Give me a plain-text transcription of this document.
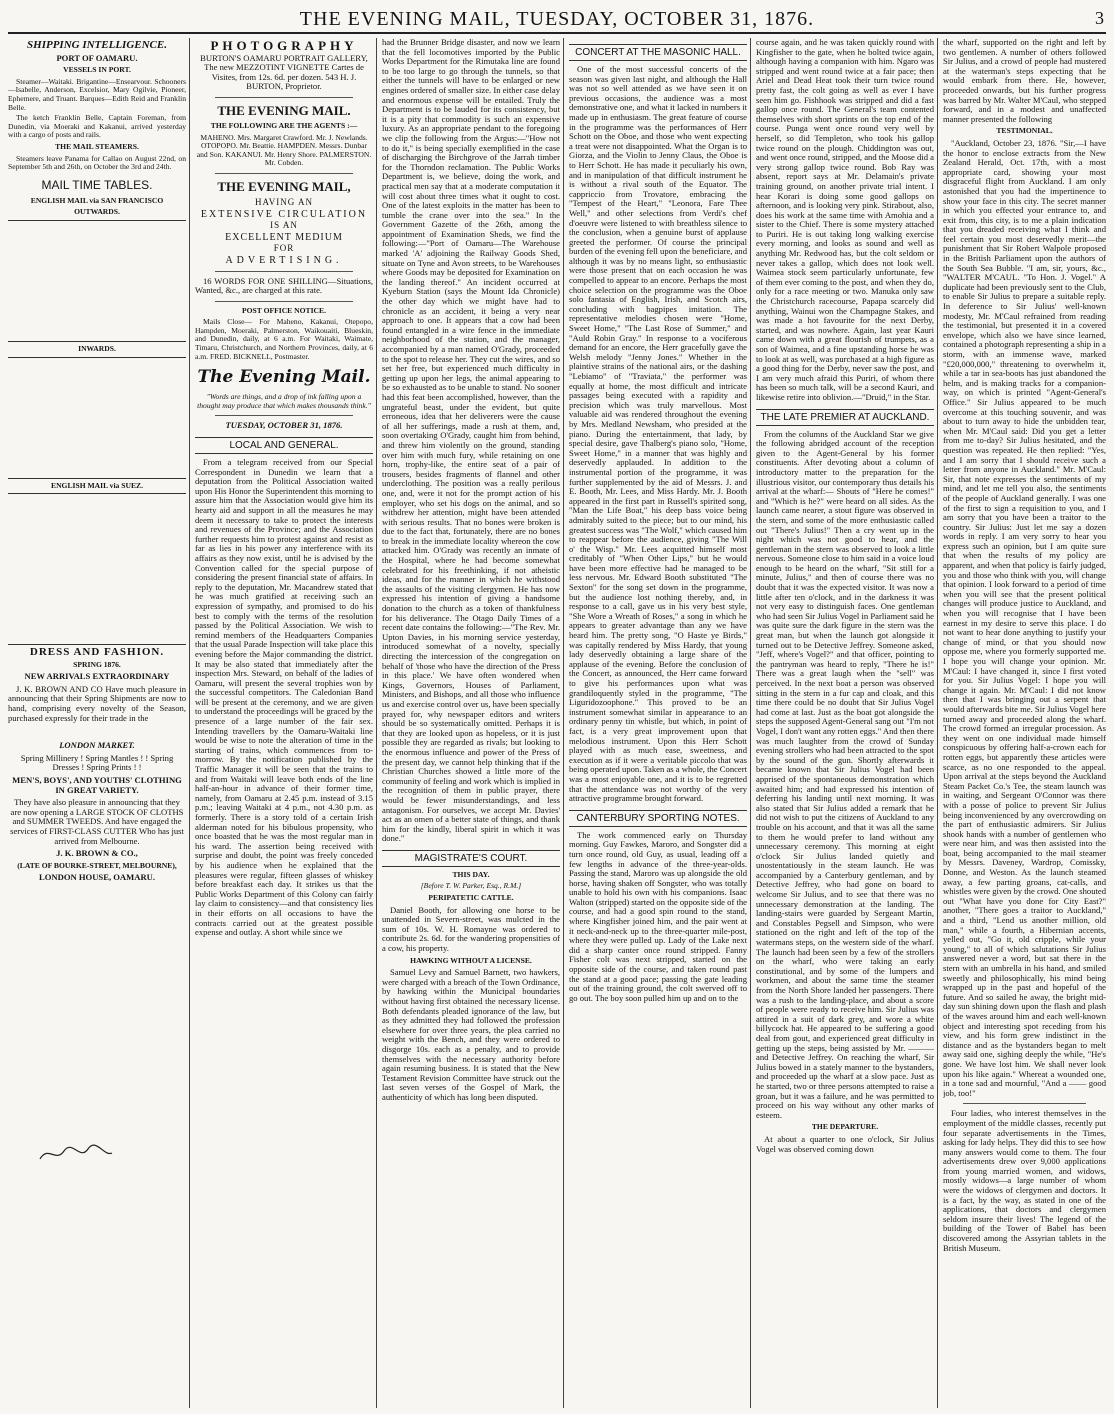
THE EVENING MAIL, TUESDAY, OCTOBER 31, 1876.	3
SHIPPING INTELLIGENCE.
PORT OF OAMARU.
VESSELS IN PORT.

Steamer—Waitaki. Brigantine—Ensearvour. Schooners—Isabelle, Anderson, Excelsior, Mary Ogilvie, Pioneer, Ephemere, and Truant. Barques—Edith Reid and Franklin Belle.

The ketch Franklin Belle, Captain Foreman, from Dunedin, via Moeraki and Kakanui, arrived yesterday with a cargo of posts and rails.

THE MAIL STEAMERS.

Steamers leave Panama for Callao on August 22nd, on September 5th and 26th, on October the 3rd and 24th.

MAIL TIME TABLES.
ENGLISH MAIL via SAN FRANCISCO
OUTWARDS.
INWARDS.
ENGLISH MAIL via SUEZ.
DRESS AND FASHION.
SPRING 1876.
NEW ARRIVALS EXTRAORDINARY

J. K. BROWN AND CO Have much pleasure in announcing that their Spring Shipments are now to hand, comprising every novelty of the Season, purchased expressly for their trade in the

LONDON MARKET.

Spring Millinery ! Spring Mantles ! ! Spring Dresses ! Spring Prints ! !

MEN'S, BOYS', AND YOUTHS' CLOTHING IN GREAT VARIETY.

They have also pleasure in announcing that they are now opening a LARGE STOCK OF CLOTHS and SUMMER TWEEDS. And have engaged the services of FIRST-CLASS CUTTER Who has just arrived from Melbourne.

J. K. BROWN & CO.,
(LATE OF BOURKE-STREET, MELBOURNE),
LONDON HOUSE, OAMARU.
PHOTOGRAPHY

BURTON'S OAMARU PORTRAIT GALLERY, The new MEZZOTINT VIGNETTE Cartes de Visites, from 12s. 6d. per dozen. 543 H. J. BURTON, Proprietor.

THE EVENING MAIL.
THE FOLLOWING ARE THE AGENTS :—

MAHENO. Mrs. Margaret Crawford. Mr. J. Newlands. OTOPOPO. Mr. Beattie. HAMPDEN. Messrs. Dunbar and Son. KAKANUI. Mr. Henry Shore. PALMERSTON. Mr. Cobden.

THE EVENING MAIL,
HAVING AN
EXTENSIVE CIRCULATION
IS AN
EXCELLENT MEDIUM
FOR
ADVERTISING.

16 WORDS FOR ONE SHILLING—Situations, Wanted, &c., are charged at this rate.

POST OFFICE NOTICE.

Mails Close— For Maheno, Kakanui, Otepopo, Hampden, Moeraki, Palmerston, Waikouaiti, Blueskin, and Dunedin, daily, at 6 a.m. For Waitaki, Waimate, Timaru, Christchurch, and Northern Provinces, daily, at 6 a.m. FRED. BICKNELL, Postmaster.

The Evening Mail.

"Words are things, and a drop of ink falling upon a thought may produce that which makes thousands think."

TUESDAY, OCTOBER 31, 1876.
LOCAL AND GENERAL.

From a telegram received from our Special Correspondent in Dunedin we learn that a deputation from the Political Association waited upon His Honor the Superintendent this morning to assure him that the Association would give him its hearty aid and support in all the measures he may deem it necessary to take to protect the interests and revenues of the Province; and the Association further requests him to protest against and resist as far as lies in his power any interference with its affairs as they now exist, until he is advised by the Convention called for the special purpose of considering the present financial state of affairs. In reply to the deputation, Mr. Macandrew stated that he was much gratified at receiving such an expression of sympathy, and promised to do his best to comply with the terms of the resolution passed by the Political Association. We wish to remind members of the Headquarters Companies that the usual Parade Inspection will take place this evening before the Major commanding the district. It may be also stated that immediately after the inspection Mrs. Steward, on behalf of the ladies of Oamaru, will present the several trophies won by the successful competitors. The Caledonian Band will be present at the ceremony, and we are given to understand the proceedings will be graced by the presence of a large number of the fair sex. Intending travellers by the Oamaru-Waitaki line would be wise to note the alteration of time in the starting of trains, which commences from to-morrow. By the notification published by the Traffic Manager it will be seen that the trains to and from Waitaki will leave both ends of the line half-an-hour in advance of their former time, namely, from Oamaru at 2.45 p.m. instead of 3.15 p.m.; leaving Waitaki at 4 p.m., not 4.30 p.m. as formerly. There is a story told of a certain Irish alderman noted for his bibulous propensity, who once boasted that he was the most regular man in his ward. The assertion being received with surprise and doubt, the point was freely conceded by his audience when he explained that the pleasures were regular, fifteen glasses of whiskey before breakfast each day. It strikes us that the Public Works Department of this Colony can fairly lay claim to consistency—and that consistency lies in their efforts on all occasions to have the contracts carried out at the greatest possible expense and outlay. A short while since we

had the Brunner Bridge disaster, and now we learn that the fell locomotives imported by the Public Works Department for the Rimutaka line are found to be too large to go through the tunnels, so that either the tunnels will have to be enlarged or new engines ordered of smaller size. In either case delay and enormous expense will be entailed. Truly the Department is to be lauded for its consistency, but it is a pity that commodity is such an expensive luxury. As an appropriate pendant to the foregoing we clip the following from the Argus:—"How not to do it," is being specially exemplified in the case of discharging the Birchgrove of the Jarrah timber for the Thorndon reclamation. The Public Works Department is, we believe, doing the work, and practical men say that at a moderate computation it will cost about three times what it ought to cost. One of the latest exploits in the matter has been to tumble the crane over into the sea." In the Government Gazette of the 26th, among the appointment of Examination Sheds, we find the following:—"Port of Oamaru—The Warehouse marked 'A' adjoining the Railway Goods Shed, situate on Tyne and Avon streets, to be Warehouses where Goods may be deposited for Examination on the landing thereof." An incident occurred at Kyeburn Station (says the Mount Ida Chronicle) the other day which we might have had to chronicle as an accident, it being a very near approach to one. It appears that a cow had been found entangled in a wire fence in the immediate neighborhood of the station, and the manager, accompanied by a man named O'Grady, proceeded to the spot to release her. They cut the wires, and so set her free, but experienced much difficulty in getting up upon her legs, the animal appearing to be so exhausted as to be unable to stand. No sooner had this feat been accomplished, however, than the ungrateful beast, under the evident, but quite erroneous, idea that her deliverers were the cause of all her sufferings, made a rush at them, and, soon overtaking O'Grady, caught him from behind, and threw him violently on the ground, standing over him with much fury, while retaining on one horn, trophy-like, the entire seat of a pair of trousers, besides fragments of flannel and other underclothing. The position was a really perilous one, and, were it not for the prompt action of his employer, who set his dogs on the animal, and so withdrew her attention, might have been attended with serious results. That no bones were broken is due to the fact that, fortunately, there are no bones to break in the immediate locality whereon the cow attacked him. O'Grady was recently an inmate of the Hospital, where he had become somewhat celebrated for his freethinking, if not atheistic ideas, and for the manner in which he withstood the assaults of the visiting clergymen. He has now expressed his intention of giving a handsome donation to the church as a token of thankfulness for his deliverance. The Otago Daily Times of a recent date contains the following:—"The Rev. Mr. Upton Davies, in his morning service yesterday, introduced somewhat of a novelty, specially directing the intercession of the congregation on behalf of 'those who have the direction of the Press in this place.' We have often wondered when Kings, Governors, Houses of Parliament, Ministers, and Bishops, and all those who influence us and exercise control over us, have been specially prayed for, why newspaper editors and writers should be so systematically omitted. Perhaps it is that they are looked upon as hopeless, or it is just possible they are regarded as rivals; but looking to the enormous influence and power of the Press of the present day, we cannot help thinking that if the Christian Churches showed a little more of the community of feeling and work which is implied in the recognition of them in public prayer, there would be fewer misunderstandings, and less antagonism. For ourselves, we accept Mr. Davies' act as an omen of a better state of things, and thank him for the kindly, liberal spirit in which it was done."

MAGISTRATE'S COURT.
THIS DAY.
[Before T. W. Parker, Esq., R.M.]
PERIPATETIC CATTLE.

Daniel Booth, for allowing one horse to be unattended in Severn-street, was mulcted in the sum of 10s. W. H. Romayne was ordered to contribute 2s. 6d. for the wandering propensities of a cow, his property.

HAWKING WITHOUT A LICENSE.

Samuel Levy and Samuel Barnett, two hawkers, were charged with a breach of the Town Ordinance, by hawking within the Municipal boundaries without having first obtained the necessary license. Both defendants pleaded ignorance of the law, but as they admitted they had followed the profession elsewhere for over three years, the plea carried no weight with the Bench, and they were ordered to disgorge 10s. each as a penalty, and to provide themselves with the necessary authority before again resuming business. It is stated that the New Testament Revision Committee have struck out the last seven verses of the Gospel of Mark, the authenticity of which has long been disputed.

CONCERT AT THE MASONIC HALL.

One of the most successful concerts of the season was given last night, and although the Hall was not so well attended as we have seen it on previous occasions, the audience was a most demonstrative one, and what it lacked in numbers it made up in enthusiasm. The great feature of course in the programme was the performances of Herr Schott on the Oboe, and those who went expecting a treat were not disappointed. What the Organ is to Giorza, and the Violin to Jenny Claus, the Oboe is to Herr Schott. He has made it peculiarly his own, and in manipulation of that difficult instrument he is without a rival south of the Equator. The cappriccio from Trovatore, embracing the "Tempest of the Heart," "Leonora, Fare Thee Well," and other selections from Verdi's chef d'oeuvre were listened to with breathless silence to the conclusion, when a genuine burst of applause greeted the performer. Of course the principal burden of the evening fell upon the beneficiare, and although it was by no means light, so enthusiastic were those present that on each occasion he was compelled to appear to an encore. Perhaps the most choice selection on the programme was the Oboe solo fantasia of English, Irish, and Scotch airs, concluding with bagpipes imitation. The representative melodies chosen were "Home, Sweet Home," "The Last Rose of Summer," and "Auld Robin Gray." In response to a vociferous demand for an encore, the Herr gracefully gave the Welsh melody "Jenny Jones." Whether in the plaintive strains of the national airs, or the dashing "Lebiamo" of "Traviata," the performer was equally at home, the most difficult and intricate passages being executed with a rapidity and precision which was truly marvellous. Most valuable aid was rendered throughout the evening by Mrs. Medland Newsham, who presided at the piano. During the entertainment, that lady, by special desire, gave Thalberg's piano solo, "Home, Sweet Home," in a manner that was highly and deservedly applauded. In addition to the instrumental portion of the programme, it was further supplemented by the aid of Messrs. J. and E. Booth, Mr. Lees, and Miss Hardy. Mr. J. Booth appeared in the first part in Russell's spirited song, "Man the Life Boat," his deep bass voice being admirably suited to the piece; but to our mind, his greatest success was "The Wolf," which caused him to reappear before the audience, giving "The Will o' the Wisp." Mr. Lees acquitted himself most creditably of "When Other Lips," but he would have been more effective had he managed to be less nervous. Mr. Edward Booth substituted "The Sexton" for the song set down in the programme, but the audience lost nothing thereby, and, in response to a call, gave us in his very best style, "She Wore a Wreath of Roses," a song in which he appears to greater advantage than any we have heard him. The pretty song, "O Haste ye Birds," was capitally rendered by Miss Hardy, that young lady deservedly obtaining a large share of the applause of the evening. Before the conclusion of the Concert, as announced, the Herr came forward to give his performances upon what was grandiloquently styled in the programme, "The Liguridozoophone." This proved to be an instrument somewhat similar in appearance to an ordinary penny tin whistle, but which, in point of fact, is a very great improvement upon that melodious instrument. Upon this Herr Schott played with as much ease, sweetness, and execution as if it were a veritable piccolo that was being operated upon. Taken as a whole, the Concert was a most enjoyable one, and it is to be regretted that the attendance was not worthy of the very attractive programme brought forward.

CANTERBURY SPORTING NOTES.

The work commenced early on Thursday morning. Guy Fawkes, Maroro, and Songster did a turn once round, old Guy, as usual, leading off a few lengths in advance of the three-year-olds. Passing the stand, Maroro was up alongside the old horse, having shaken off Songster, who was totally unable to hold his own with his companions. Isaac Walton (stripped) started on the opposite side of the course, and had a good spin round to the stand, where Kingfisher joined him, and the pair went at it neck-and-neck up to the three-quarter mile-post, where they were pulled up. Lady of the Lake next did a sharp canter once round stripped. Fanny Fisher colt was next stripped, started on the opposite side of the course, and taken round past the stand at a good pace; passing the gate leading out of the training ground, the colt swerved off to go out. The boy soon pulled him up and on to the

course again, and he was taken quickly round with Kingfisher to the gate, when he bolted twice again, although having a companion with him. Ngaro was stripped and went round twice at a fair pace; then Ariel and Dead Heat took their turn twice round pretty fast, the colt going as well as ever I have seen him go. Fishhook was stripped and did a fast gallop once round. The General's team contented themselves with short sprints on the top end of the course. Punga went once round very well by herself, so did Templeton, who took his gallop twice round on the plough. Chiddington was out, and went once round, stripped, and the Moose did a very strong gallop twice round. Bob Ray was absent, report says at Mr. Delamain's private training ground, on another private trial intent. I hear Korari is doing some good gallops on afternoon, and is looking very pink. Stirabout, also, does his work at the same time with Amohia and a sister to the Chief. There is some mystery attached to Puriri. He is out taking long walking exercise every morning, and looks as sound and well as anything Mr. Redwood has, but the colt seldom or never takes a gallop, which does not look well. Waimea stock seem particularly unfortunate, few of them ever coming to the post, and when they do, only for a race meeting or two. Manuka only saw the Christchurch racecourse, Papapa scarcely did anything, Wainui won the Champagne Stakes, and was made a hot favourite for the next Derby, started, and was nowhere. Again, last year Kauri came down with a great flourish of trumpets, as a son of Waimea, and a fine upstanding horse he was to look at as well, was purchased at a high figure as a good thing for the Derby, never saw the post, and I am very much afraid this Puriri, of whom there has been so much talk, will be a second Kauri, and likewise retire into oblivion.—"Druid," in the Star.

THE LATE PREMIER AT AUCKLAND.

From the columns of the Auckland Star we give the following abridged account of the reception given to the Agent-General by his former constituents. After devoting about a column of introductory matter to the preparation for the illustrious visitor, our contemporary thus details his arrival at the wharf:— Shouts of "Here he comes!" and "Which is he?" were heard on all sides. As the launch came nearer, a stout figure was observed in the stern, and some of the more enthusiastic called out "There's Julius!" Then a cry went up in the night which was not good to hear, and the gentleman in the stern was observed to look a little nervous. Someone close to him said in a voice loud enough to be heard on the wharf, "Sit still for a minute, Julius," and then of course there was no doubt that it was the expected visitor. It was now a little after ten o'clock, and in the darkness it was not very easy to distinguish faces. One gentleman who had seen Sir Julius Vogel in Parliament said he was quite sure the dark figure in the stern was the great man, but when the launch got alongside it turned out to be Detective Jeffrey. Someone asked, "Jeff, where's Vogel?" and that officer, pointing to the pantryman was heard to reply, "There he is!" There was a great laugh when the "sell" was perceived. In the next boat a person was observed sitting in the stern in a fur cap and cloak, and this time there could be no doubt that Sir Julius Vogel had come at last. Just as the boat got alongside the steps the supposed Agent-General sang out "I'm not Vogel, I don't want any rotten eggs." And then there was much laughter from the crowd of Sunday evening strollers who had been attracted to the spot by the sound of the gun. Shortly afterwards it became known that Sir Julius Vogel had been apprised of the spontaneous demonstration which awaited him; and had expressed his intention of deferring his landing until next morning. It was also stated that Sir Julius added a remark that he did not wish to put the citizens of Auckland to any trouble on his account, and that it was all the same to them he would prefer to land without any unnecessary ceremony. This morning at eight o'clock Sir Julius landed quietly and unostentatiously in the steam launch. He was accompanied by a Canterbury gentleman, and by Detective Jeffrey, who had gone on board to welcome Sir Julius, and to see that there was no unnecessary demonstration at the landing. The landing-stairs were guarded by Sergeant Martin, and Constables Pegsell and Simpson, who were stationed on the right and left of the top of the watermans steps, on the western side of the wharf. The launch had been seen by a few of the strollers on the wharf, who were taking an early constitutional, and by some of the lumpers and workmen, and about the same time the steamer from the North Shore landed her passengers. There was a rush to the landing-place, and about a score of people were ready to receive him. Sir Julius was attired in a suit of dark grey, and wore a white billycock hat. He appeared to be suffering a good deal from gout, and experienced great difficulty in getting up the steps, being assisted by Mr. ——— and Detective Jeffrey. On reaching the wharf, Sir Julius bowed in a stately manner to the bystanders, and proceeded up the wharf at a slow pace. Just as he started, two or three persons attempted to raise a groan, but it was a failure, and he was permitted to proceed on his way without any other marks of esteem.

THE DEPARTURE.

At about a quarter to one o'clock, Sir Julius Vogel was observed coming down

the wharf, supported on the right and left by two gentlemen. A number of others followed Sir Julius, and a crowd of people had mustered at the waterman's steps expecting that he would embark from there. He, however, proceeded onwards, but his further progress was barred by Mr. Walter M'Caul, who stepped forward, and in a modest and unaffected manner presented the following

TESTIMONIAL.

"Auckland, October 23, 1876. "Sir,—I have the honor to enclose extracts from the New Zealand Herald, Oct. 17th, with a most appropriate card, showing your most disgraceful flight from Auckland. I am only astonished that you had the impertinence to show your face in this city. The secret manner in which you effected your entrance to, and exit from, this city, is to me a plain indication that you dreaded receiving what I think and feel certain you most deservedly merit—the punishment that Sir Robert Walpole proposed in the British Parliament upon the authors of the South Sea Bubble. "I am, sir, yours, &c., "WALTER M'CAUL. "To Hon. J. Vogel." A duplicate had been previously sent to the Club, to enable Sir Julius to prepare a suitable reply. In deference to Sir Julius' well-known modesty, Mr. M'Caul refrained from reading the testimonial, but presented it in a covered envelope, which also we have since learned, contained a photograph representing a ship in a storm, with an immense wave, marked "£20,000,000," threatening to overwhelm it, while a tar in sea-boots has just abandoned the helm, and is making tracks for a companion-way, on which is printed "Agent-General's Office." Sir Julius appeared to be much overcome at this touching souvenir, and was about to turn away to hide the unbidden tear, when Mr. M'Caul said: Did you get a letter from me to-day? Sir Julius hesitated, and the question was repeated. He then replied: "Yes, and I am sorry that I should receive such a letter from anyone in Auckland." Mr. M'Caul: Sir, that note expresses the sentiments of my mind, and let me tell you also, the sentiments of the people of Auckland generally. I was one of the first to sign a requisition to you, and I am sorry that you have been a traitor to the country. Sir Julius: Just let me say a dozen words in reply. I am very sorry to hear you express such an opinion, but I am quite sure that when the results of my policy are apparent, and when that policy is fairly judged, you and those who think with you, will change that opinion. I look forward to a period of time when you will see that the present political changes will produce justice to Auckland, and when you will recognise that I have been earnest in my desire to serve this place. I do not want to hear done anything to justify your change of mind, or that you should now oppose me, where you formerly supported me. I hope you will change your opinion. Mr. M'Caul: I have changed it, since I first voted for you. Sir Julius Vogel: I hope you will change it again. Mr. M'Caul: I did not know then that I was bringing out a serpent that would afterwards bite me. Sir Julius Vogel here turned away and proceeded along the wharf. The crowd formed an irregular procession. As they went on one individual made himself conspicuous by offering half-a-crown each for rotten eggs, but apparently these articles were scarce, as no one responded to the appeal. Upon arrival at the steps beyond the Auckland Steam Packet Co.'s Tee, the steam launch was in waiting, and Sergeant O'Connor was there with a posse of police to prevent Sir Julius being inconvenienced by any overcrowding on the part of enthusiastic admirers. Sir Julius shook hands with a number of gentlemen who were near him, and was then assisted into the boat, being accompanied to the mail steamer by Messrs. Daveney, Wardrop, Comissky, Donne, and Weston. As the launch steamed away, a few parting groans, cat-calls, and whistles were given by the crowd. One shouted out "What have you done for City East?" another, "There goes a traitor to Auckland," and a third, "Lend us another million, old man," while a fourth, a Hibernian accents, yelled out, "Go it, old cripple, while your young," to all of which salutations Sir Julius answered never a word, but sat there in the stern with an umbrella in his hand, and smiled sweetly and philosophically, his mind being wrapped up in the past and hopeful of the future. And so sailed he away, the bright mid-day sun shining down upon the flash and plash of the waves around him and each well-known object and interesting spot receding from his view, and his form grew indistinct in the distance and as the bystanders began to melt away said one, sighing deeply the while, "He's gone. We have lost him. We shall never look upon his like again." Whereat a wounded one, in a tone sad and mournful, "And a —— good job, too!"

Four ladies, who interest themselves in the employment of the middle classes, recently put four separate advertisements in the Times, asking for lady helps. They did this to see how many answers would come to them. The four advertisements drew over 9,000 applications from young married women, and widows, mostly widows—a large number of whom were the widows of clergymen and doctors. It is a fact, by the way, as stated in one of the applications, that doctors and clergymen seldom insure their lives! The legend of the building of the Tower of Babel has been discovered among the Assyrian tablets in the British Museum.
